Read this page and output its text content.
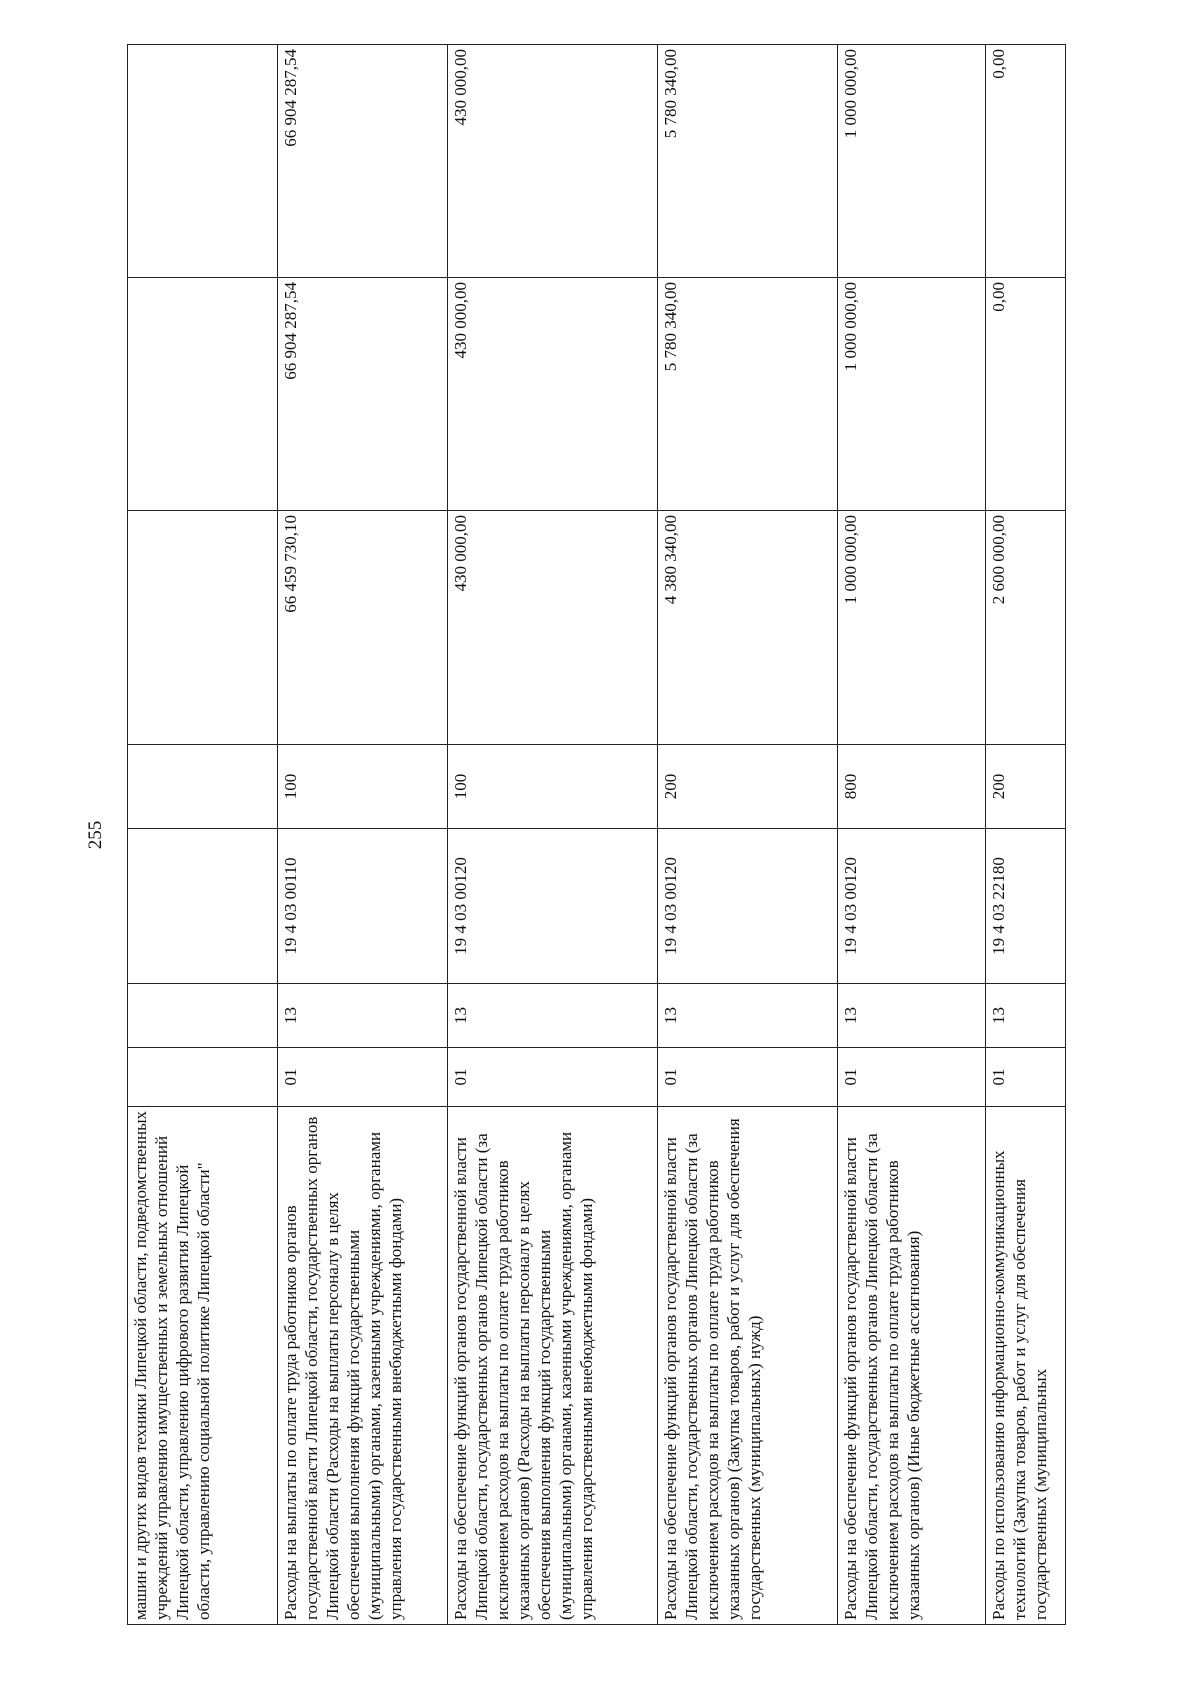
255
машин и других видов техники Липецкой области, подведомственных учреждений управлению имущественных и земельных отношений Липецкой области, управлению цифрового развития Липецкой области, управлению социальной политике Липецкой области"							
Расходы на выплаты по оплате труда работников органов государственной власти Липецкой области, государственных органов Липецкой области (Расходы на выплаты персоналу в целях обеспечения выполнения функций государственными (муниципальными) органами, казенными учреждениями, органами управления государственными внебюджетными фондами)	01	13	19 4 03 00110	100	66 459 730,10	66 904 287,54	66 904 287,54
Расходы на обеспечение функций органов государственной власти Липецкой области, государственных органов Липецкой области (за исключением расходов на выплаты по оплате труда работников указанных органов) (Расходы на выплаты персоналу в целях обеспечения выполнения функций государственными (муниципальными) органами, казенными учреждениями, органами управления государственными внебюджетными фондами)	01	13	19 4 03 00120	100	430 000,00	430 000,00	430 000,00
Расходы на обеспечение функций органов государственной власти Липецкой области, государственных органов Липецкой области (за исключением расходов на выплаты по оплате труда работников указанных органов) (Закупка товаров, работ и услуг для обеспечения государственных (муниципальных) нужд)	01	13	19 4 03 00120	200	4 380 340,00	5 780 340,00	5 780 340,00
Расходы на обеспечение функций органов государственной власти Липецкой области, государственных органов Липецкой области (за исключением расходов на выплаты по оплате труда работников указанных органов) (Иные бюджетные ассигнования)	01	13	19 4 03 00120	800	1 000 000,00	1 000 000,00	1 000 000,00
Расходы по использованию информационно-коммуникационных технологий (Закупка товаров, работ и услуг для обеспечения государственных (муниципальных	01	13	19 4 03 22180	200	2 600 000,00	0,00	0,00
